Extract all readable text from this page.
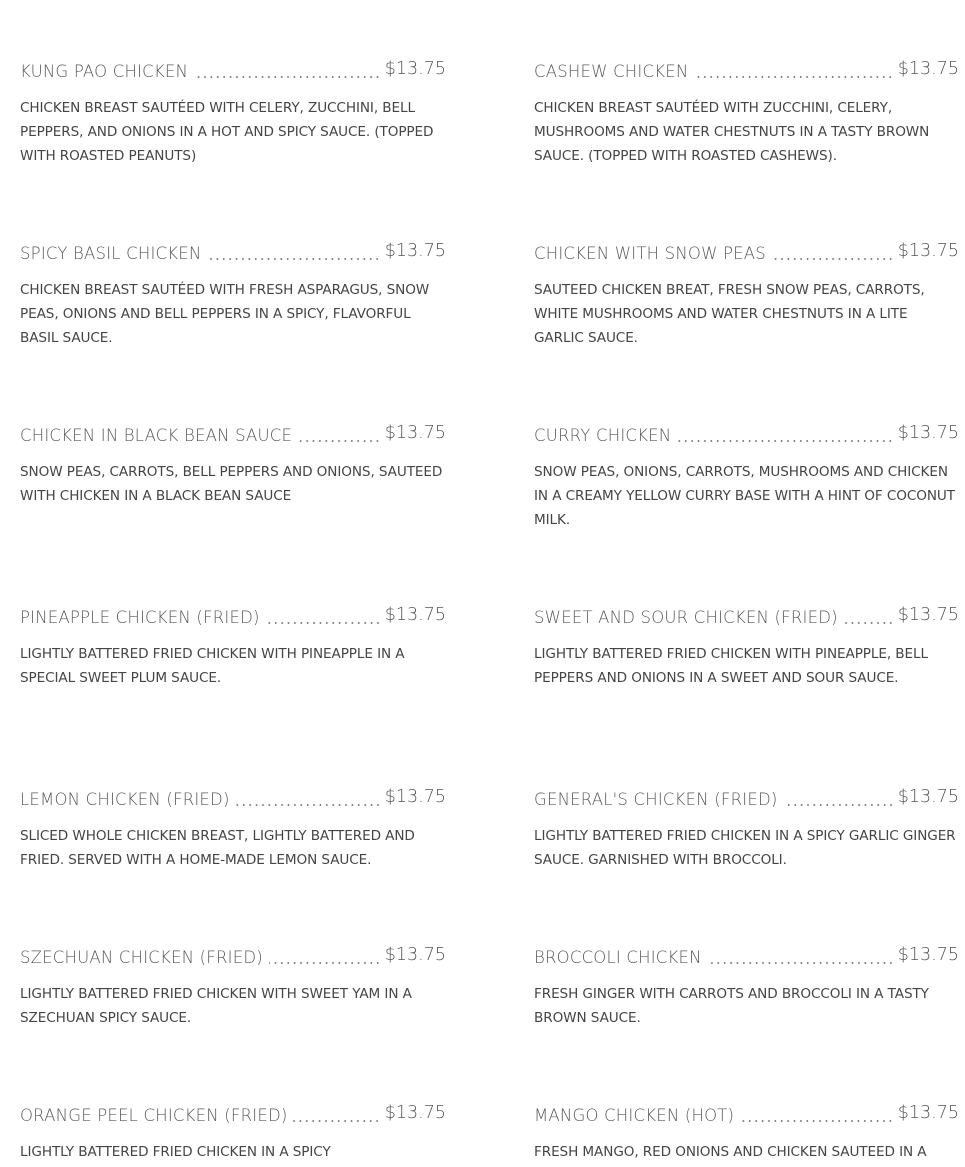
KUNG PAO CHICKEN	$13.75

CHICKEN BREAST SAUTÉED WITH CELERY, ZUCCHINI, BELL PEPPERS, AND ONIONS IN A HOT AND SPICY SAUCE. (TOPPED WITH ROASTED PEANUTS)

SPICY BASIL CHICKEN	$13.75

CHICKEN BREAST SAUTÉED WITH FRESH ASPARAGUS, SNOW PEAS, ONIONS AND BELL PEPPERS IN A SPICY, FLAVORFUL BASIL SAUCE.

CHICKEN IN BLACK BEAN SAUCE	$13.75

SNOW PEAS, CARROTS, BELL PEPPERS AND ONIONS, SAUTEED WITH CHICKEN IN A BLACK BEAN SAUCE

PINEAPPLE CHICKEN (FRIED)	$13.75

LIGHTLY BATTERED FRIED CHICKEN WITH PINEAPPLE IN A SPECIAL SWEET PLUM SAUCE.

LEMON CHICKEN (FRIED)	$13.75

SLICED WHOLE CHICKEN BREAST, LIGHTLY BATTERED AND FRIED. SERVED WITH A HOME-MADE LEMON SAUCE.

SZECHUAN CHICKEN (FRIED)	$13.75

LIGHTLY BATTERED FRIED CHICKEN WITH SWEET YAM IN A SZECHUAN SPICY SAUCE.

ORANGE PEEL CHICKEN (FRIED)	$13.75

LIGHTLY BATTERED FRIED CHICKEN IN A SPICY

CASHEW CHICKEN	$13.75

CHICKEN BREAST SAUTÉED WITH ZUCCHINI, CELERY, MUSHROOMS AND WATER CHESTNUTS IN A TASTY BROWN SAUCE. (TOPPED WITH ROASTED CASHEWS).

CHICKEN WITH SNOW PEAS	$13.75

SAUTEED CHICKEN BREAT, FRESH SNOW PEAS, CARROTS, WHITE MUSHROOMS AND WATER CHESTNUTS IN A LITE GARLIC SAUCE.

CURRY CHICKEN	$13.75

SNOW PEAS, ONIONS, CARROTS, MUSHROOMS AND CHICKEN IN A CREAMY YELLOW CURRY BASE WITH A HINT OF COCONUT MILK.

SWEET AND SOUR CHICKEN (FRIED)	$13.75

LIGHTLY BATTERED FRIED CHICKEN WITH PINEAPPLE, BELL PEPPERS AND ONIONS IN A SWEET AND SOUR SAUCE.

GENERAL'S CHICKEN (FRIED)	$13.75

LIGHTLY BATTERED FRIED CHICKEN IN A SPICY GARLIC GINGER SAUCE. GARNISHED WITH BROCCOLI.

BROCCOLI CHICKEN	$13.75

FRESH GINGER WITH CARROTS AND BROCCOLI IN A TASTY BROWN SAUCE.

MANGO CHICKEN (HOT)	$13.75

FRESH MANGO, RED ONIONS AND CHICKEN SAUTEED IN A
